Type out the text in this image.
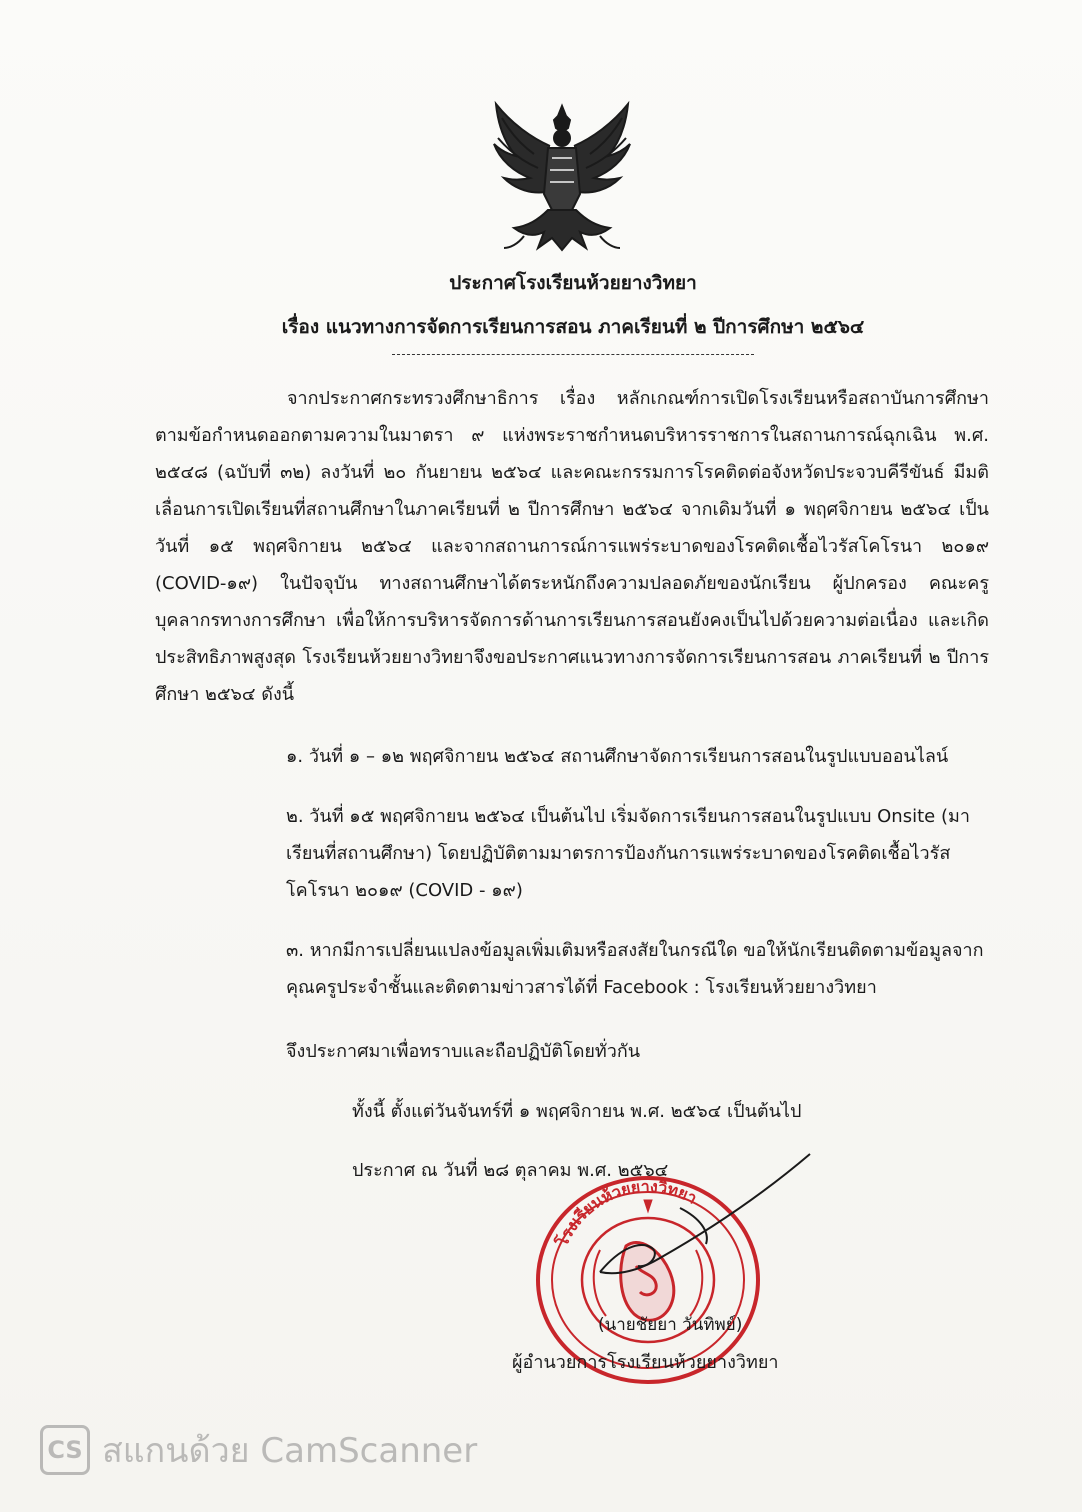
ประกาศโรงเรียนห้วยยางวิทยา
เรื่อง แนวทางการจัดการเรียนการสอน ภาคเรียนที่ ๒ ปีการศึกษา ๒๕๖๔
จากประกาศกระทรวงศึกษาธิการ เรื่อง หลักเกณฑ์การเปิดโรงเรียนหรือสถาบันการศึกษาตามข้อกำหนดออกตามความในมาตรา ๙ แห่งพระราชกำหนดบริหารราชการในสถานการณ์ฉุกเฉิน พ.ศ. ๒๕๔๘ (ฉบับที่ ๓๒) ลงวันที่ ๒๐ กันยายน ๒๕๖๔ และคณะกรรมการโรคติดต่อจังหวัดประจวบคีรีขันธ์ มีมติเลื่อนการเปิดเรียนที่สถานศึกษาในภาคเรียนที่ ๒ ปีการศึกษา ๒๕๖๔ จากเดิมวันที่ ๑ พฤศจิกายน ๒๕๖๔ เป็นวันที่ ๑๕ พฤศจิกายน ๒๕๖๔ และจากสถานการณ์การแพร่ระบาดของโรคติดเชื้อไวรัสโคโรนา ๒๐๑๙ (COVID-๑๙) ในปัจจุบัน ทางสถานศึกษาได้ตระหนักถึงความปลอดภัยของนักเรียน ผู้ปกครอง คณะครู บุคลากรทางการศึกษา เพื่อให้การบริหารจัดการด้านการเรียนการสอนยังคงเป็นไปด้วยความต่อเนื่อง และเกิดประสิทธิภาพสูงสุด โรงเรียนห้วยยางวิทยาจึงขอประกาศแนวทางการจัดการเรียนการสอน ภาคเรียนที่ ๒ ปีการศึกษา ๒๕๖๔ ดังนี้
๑. วันที่ ๑ – ๑๒ พฤศจิกายน ๒๕๖๔ สถานศึกษาจัดการเรียนการสอนในรูปแบบออนไลน์
๒. วันที่ ๑๕ พฤศจิกายน ๒๕๖๔ เป็นต้นไป เริ่มจัดการเรียนการสอนในรูปแบบ Onsite (มาเรียนที่สถานศึกษา) โดยปฏิบัติตามมาตรการป้องกันการแพร่ระบาดของโรคติดเชื้อไวรัสโคโรนา ๒๐๑๙ (COVID - ๑๙)
๓. หากมีการเปลี่ยนแปลงข้อมูลเพิ่มเติมหรือสงสัยในกรณีใด ขอให้นักเรียนติดตามข้อมูลจากคุณครูประจำชั้นและติดตามข่าวสารได้ที่ Facebook : โรงเรียนห้วยยางวิทยา
จึงประกาศมาเพื่อทราบและถือปฏิบัติโดยทั่วกัน
ทั้งนี้ ตั้งแต่วันจันทร์ที่ ๑ พฤศจิกายน พ.ศ. ๒๕๖๔ เป็นต้นไป
ประกาศ ณ วันที่ ๒๘ ตุลาคม พ.ศ. ๒๕๖๔
โรงเรียนห้วยยางวิทยา
(นายชัยยา วันทิพย์)
ผู้อำนวยการโรงเรียนห้วยยางวิทยา
CS สแกนด้วย CamScanner
